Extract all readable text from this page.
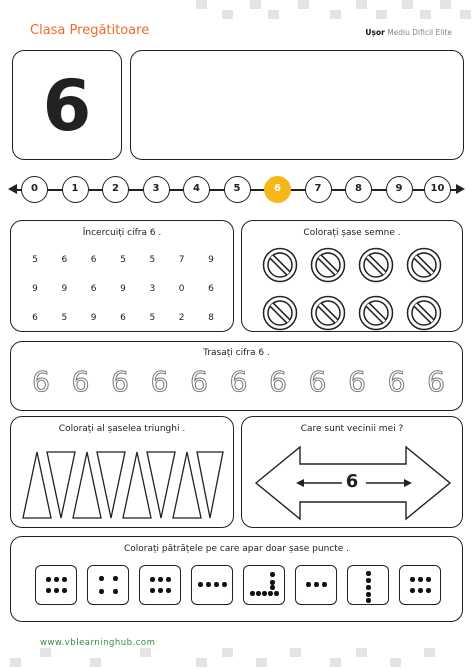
Clasa Pregătitoare	Ușor Mediu Dificil Elite
6
0	1	2	3	4	5	6	7	8	9	10
Încercuiți cifra 6 .
5	6	6	5	5	7	9
9	9	6	9	3	0	6
6	5	9	6	5	2	8
Colorați șase semne .
Trasați cifra 6 .
6 6 6 6 6 6 6 6 6 6 6
Colorați al șaselea triunghi .	Care sunt vecinii mei ?
6
Colorați pătrățele pe care apar doar șase puncte .
www.vblearninghub.com
